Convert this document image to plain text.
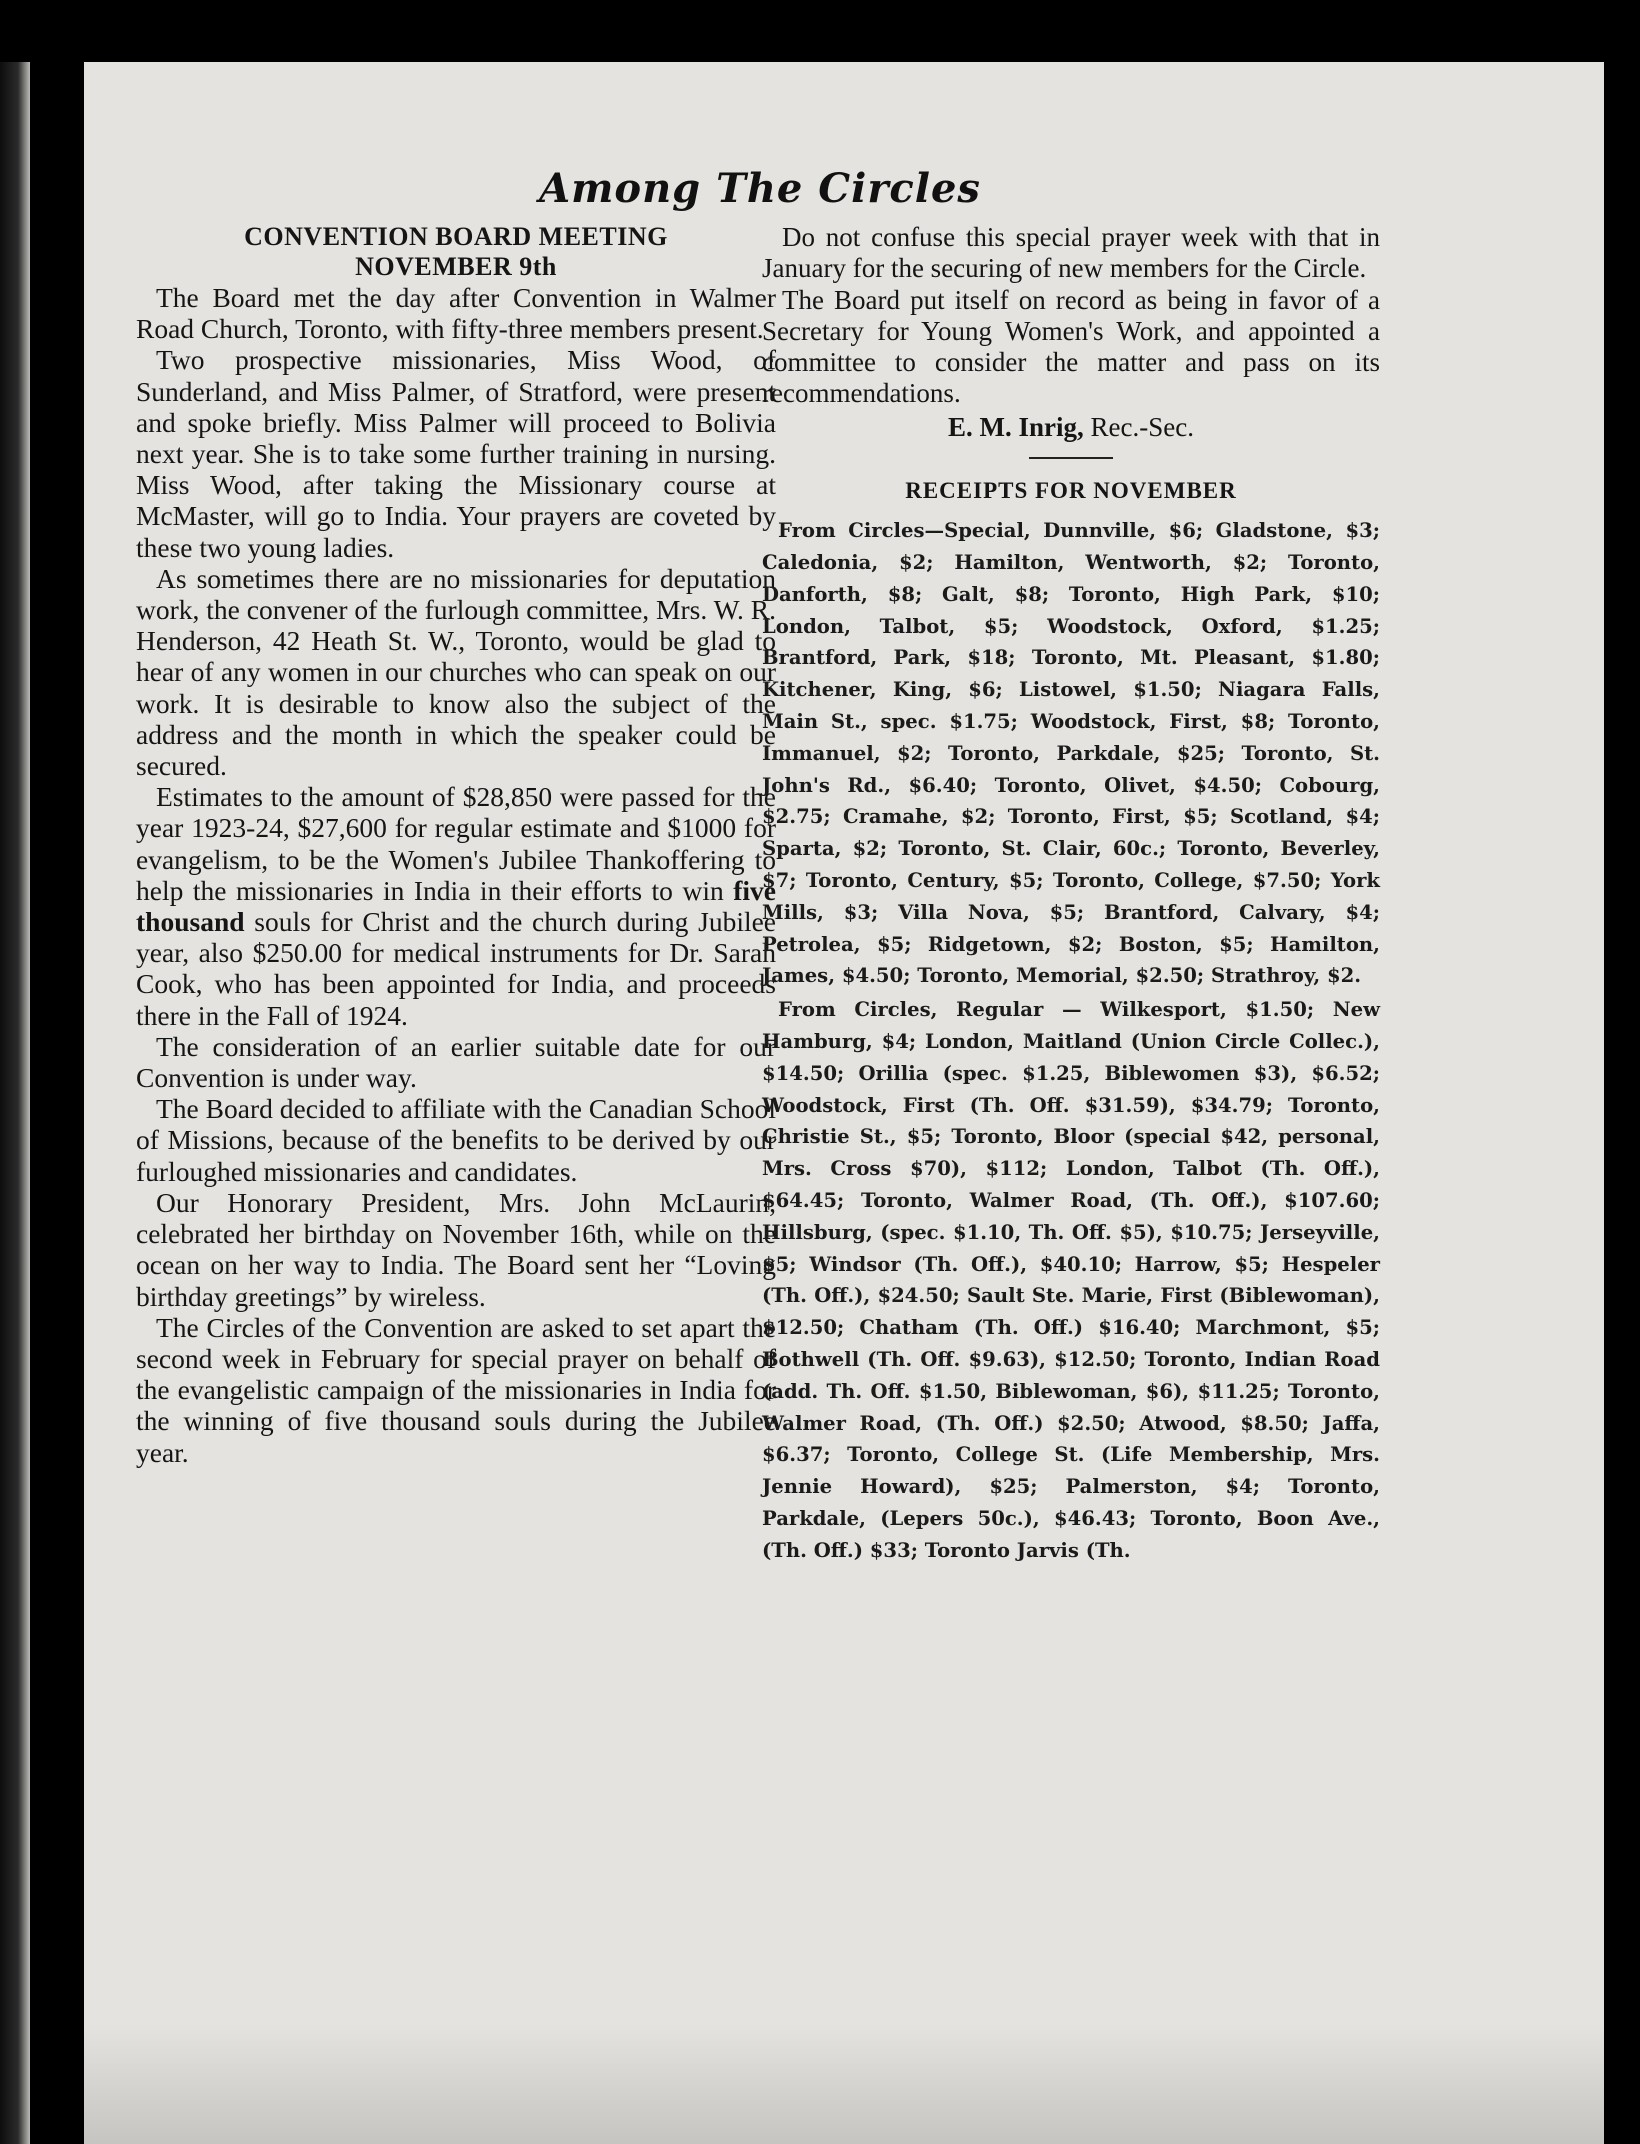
Among The Circles

CONVENTION BOARD MEETING

NOVEMBER 9th

The Board met the day after Convention in Walmer Road Church, Toronto, with fifty-three members present.

Two prospective missionaries, Miss Wood, of Sunderland, and Miss Palmer, of Stratford, were present and spoke briefly. Miss Palmer will proceed to Bolivia next year. She is to take some further training in nursing. Miss Wood, after taking the Missionary course at McMaster, will go to India. Your prayers are coveted by these two young ladies.

As sometimes there are no missionaries for deputation work, the convener of the furlough committee, Mrs. W. R. Henderson, 42 Heath St. W., Toronto, would be glad to hear of any women in our churches who can speak on our work. It is desirable to know also the subject of the address and the month in which the speaker could be secured.

Estimates to the amount of $28,850 were passed for the year 1923-24, $27,600 for regular estimate and $1000 for evangelism, to be the Women's Jubilee Thankoffering to help the missionaries in India in their efforts to win five thousand souls for Christ and the church during Jubilee year, also $250.00 for medical instruments for Dr. Sarah Cook, who has been appointed for India, and proceeds there in the Fall of 1924.

The consideration of an earlier suitable date for our Convention is under way.

The Board decided to affiliate with the Canadian School of Missions, because of the benefits to be derived by our furloughed missionaries and candidates.

Our Honorary President, Mrs. John McLaurin, celebrated her birthday on November 16th, while on the ocean on her way to India. The Board sent her “Loving birthday greetings” by wireless.

The Circles of the Convention are asked to set apart the second week in February for special prayer on behalf of the evangelistic campaign of the missionaries in India for the winning of five thousand souls during the Jubilee year.

Do not confuse this special prayer week with that in January for the securing of new members for the Circle.

The Board put itself on record as being in favor of a Secretary for Young Women's Work, and appointed a committee to consider the matter and pass on its recommendations.

E. M. Inrig, Rec.-Sec.

RECEIPTS FOR NOVEMBER

From Circles—Special, Dunnville, $6; Gladstone, $3; Caledonia, $2; Hamilton, Wentworth, $2; Toronto, Danforth, $8; Galt, $8; Toronto, High Park, $10; London, Talbot, $5; Woodstock, Oxford, $1.25; Brantford, Park, $18; Toronto, Mt. Pleasant, $1.80; Kitchener, King, $6; Listowel, $1.50; Niagara Falls, Main St., spec. $1.75; Woodstock, First, $8; Toronto, Immanuel, $2; Toronto, Parkdale, $25; Toronto, St. John's Rd., $6.40; Toronto, Olivet, $4.50; Cobourg, $2.75; Cramahe, $2; Toronto, First, $5; Scotland, $4; Sparta, $2; Toronto, St. Clair, 60c.; Toronto, Beverley, $7; Toronto, Century, $5; Toronto, College, $7.50; York Mills, $3; Villa Nova, $5; Brantford, Calvary, $4; Petrolea, $5; Ridgetown, $2; Boston, $5; Hamilton, James, $4.50; Toronto, Memorial, $2.50; Strathroy, $2.

From Circles, Regular — Wilkesport, $1.50; New Hamburg, $4; London, Maitland (Union Circle Collec.), $14.50; Orillia (spec. $1.25, Biblewomen $3), $6.52; Woodstock, First (Th. Off. $31.59), $34.79; Toronto, Christie St., $5; Toronto, Bloor (special $42, personal, Mrs. Cross $70), $112; London, Talbot (Th. Off.), $64.45; Toronto, Walmer Road, (Th. Off.), $107.60; Hillsburg, (spec. $1.10, Th. Off. $5), $10.75; Jerseyville, $5; Windsor (Th. Off.), $40.10; Harrow, $5; Hespeler (Th. Off.), $24.50; Sault Ste. Marie, First (Biblewoman), $12.50; Chatham (Th. Off.) $16.40; Marchmont, $5; Bothwell (Th. Off. $9.63), $12.50; Toronto, Indian Road (add. Th. Off. $1.50, Biblewoman, $6), $11.25; Toronto, Walmer Road, (Th. Off.) $2.50; Atwood, $8.50; Jaffa, $6.37; Toronto, College St. (Life Membership, Mrs. Jennie Howard), $25; Palmerston, $4; Toronto, Parkdale, (Lepers 50c.), $46.43; Toronto, Boon Ave., (Th. Off.) $33; Toronto Jarvis (Th.
